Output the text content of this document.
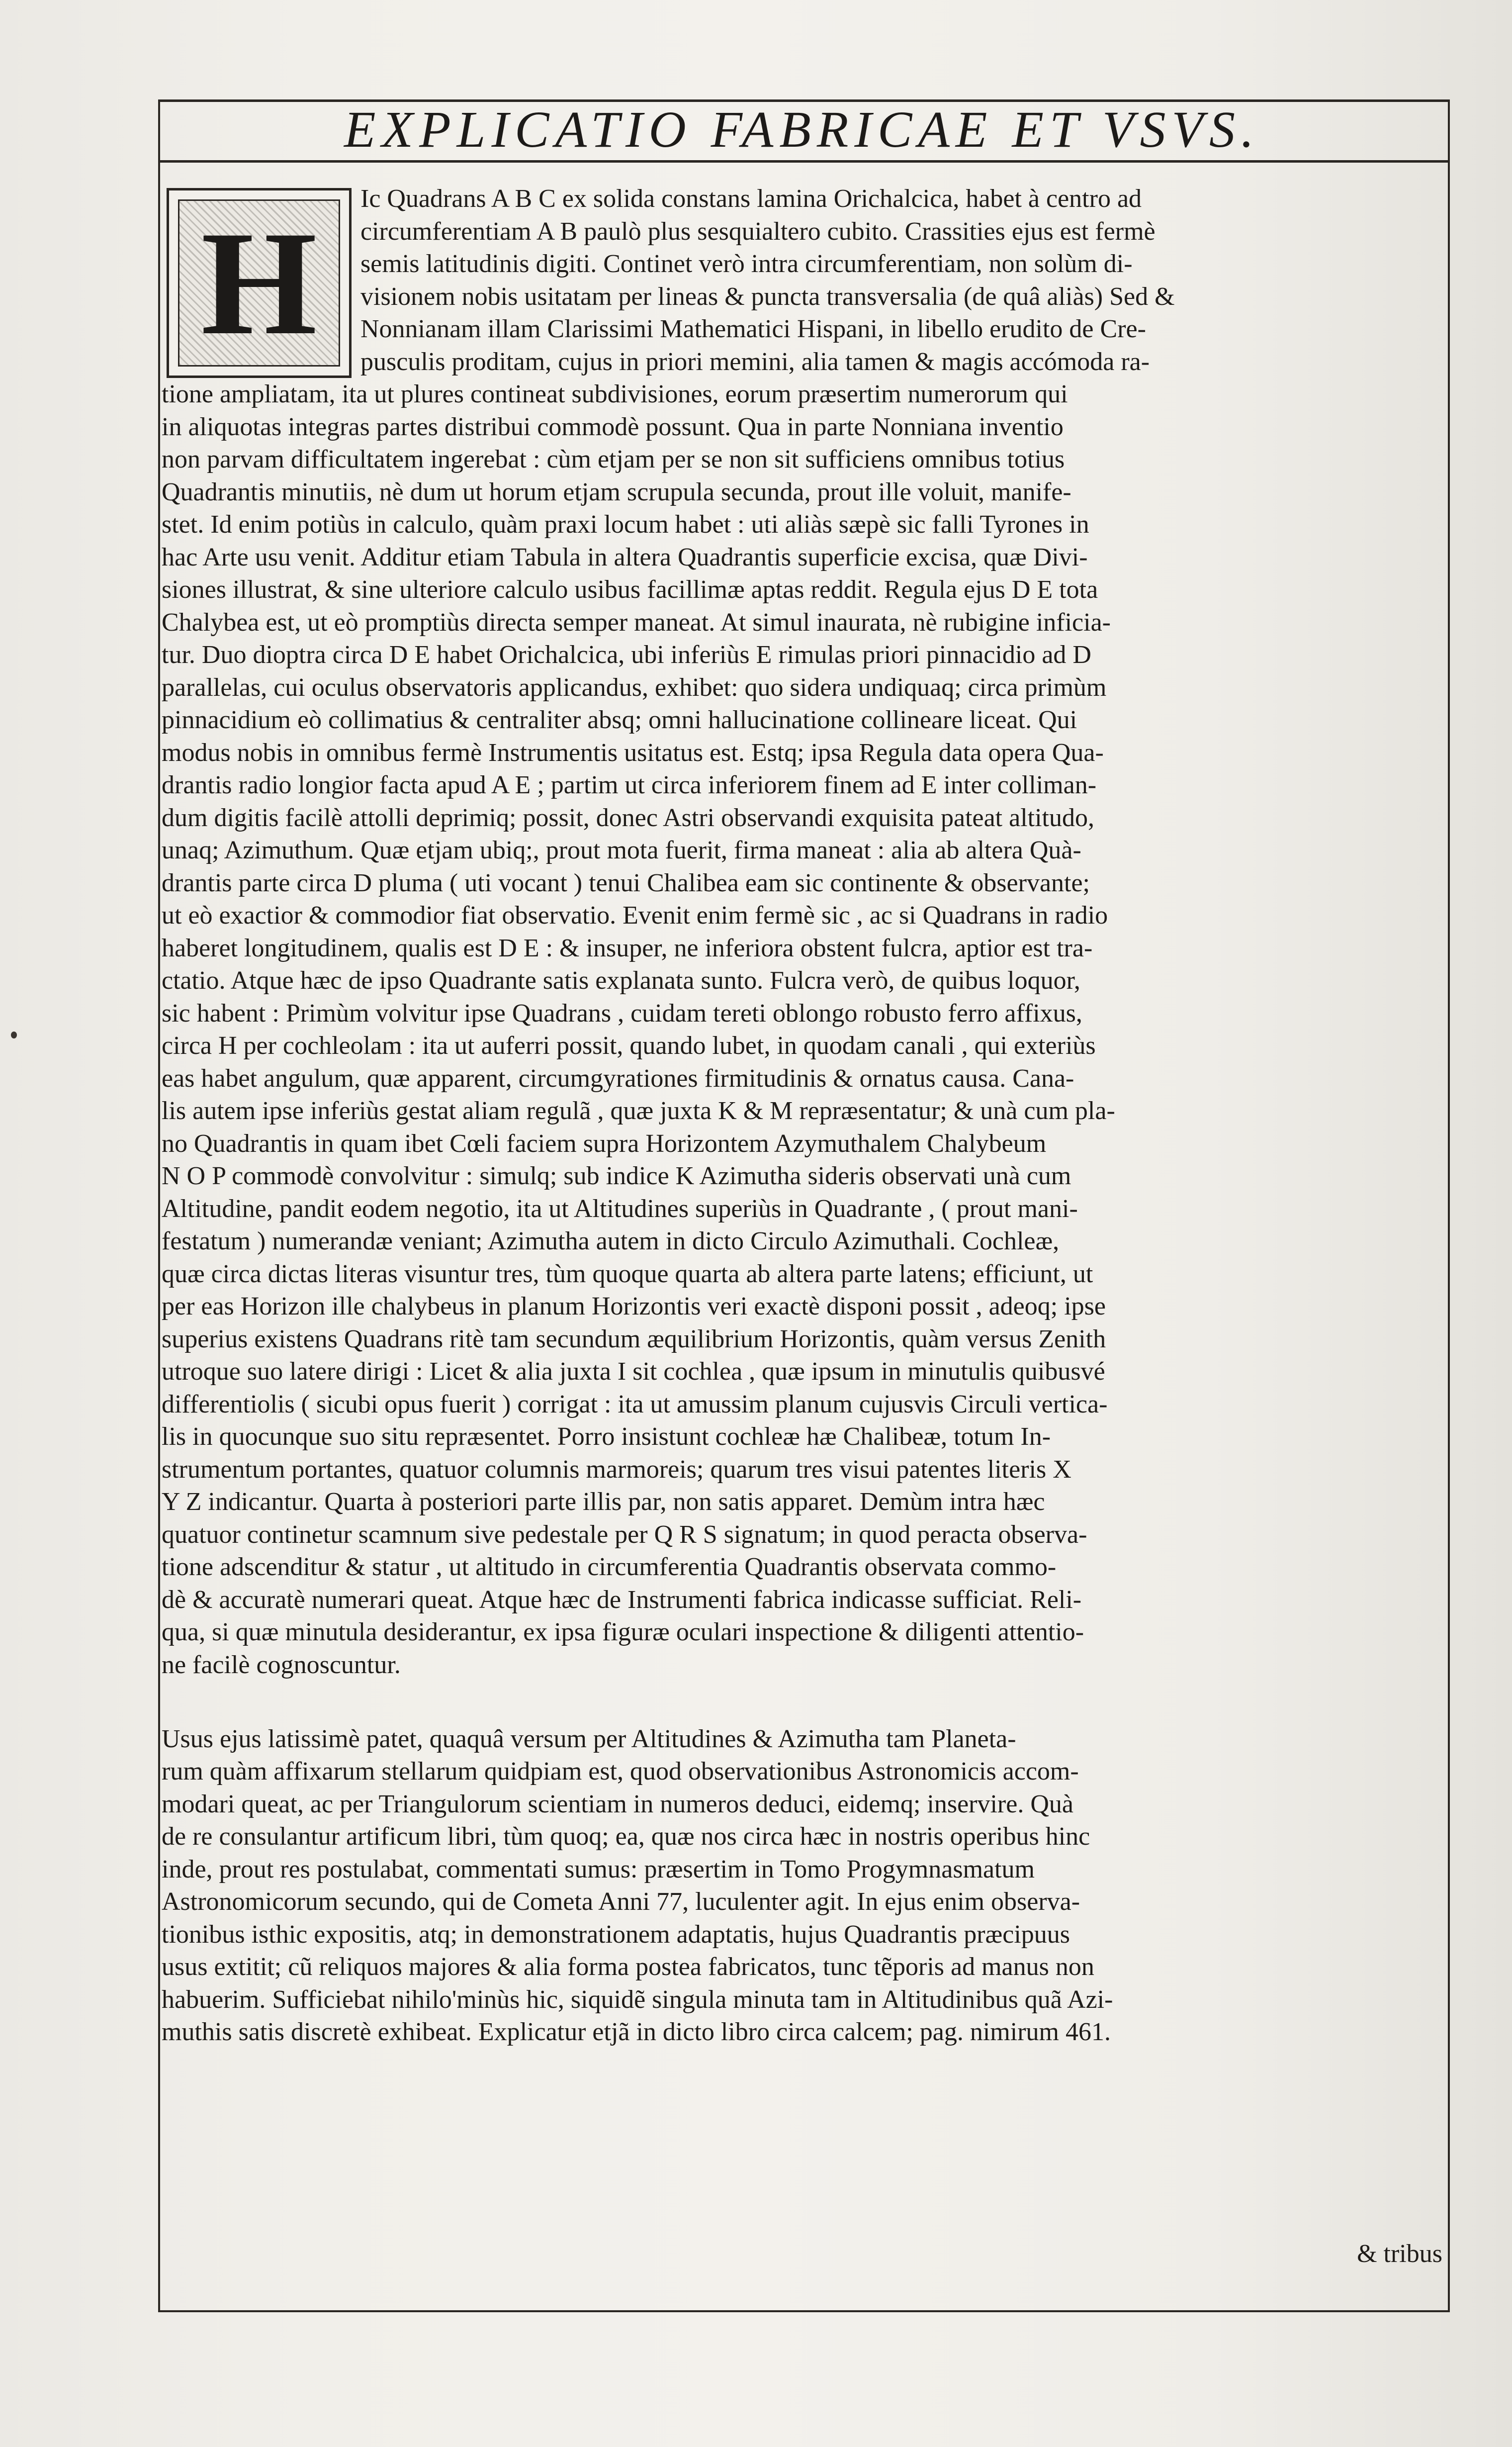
EXPLICATIO FABRICAE ET VSVS.
H
Ic Quadrans A B C ex solida constans lamina Orichalcica, habet à centro ad
circumferentiam A B paulò plus sesquialtero cubito. Crassities ejus est fermè
semis latitudinis digiti. Continet verò intra circumferentiam, non solùm di-
visionem nobis usitatam per lineas & puncta transversalia (de quâ aliàs) Sed &
Nonnianam illam Clarissimi Mathematici Hispani, in libello erudito de Cre-
pusculis proditam, cujus in priori memini, alia tamen & magis accómoda ra-
tione ampliatam, ita ut plures contineat subdivisiones, eorum præsertim numerorum qui
in aliquotas integras partes distribui commodè possunt. Qua in parte Nonniana inventio
non parvam difficultatem ingerebat : cùm etjam per se non sit sufficiens omnibus totius
Quadrantis minutiis, nè dum ut horum etjam scrupula secunda, prout ille voluit, manife-
stet. Id enim potiùs in calculo, quàm praxi locum habet : uti aliàs sæpè sic falli Tyrones in
hac Arte usu venit. Additur etiam Tabula in altera Quadrantis superficie excisa, quæ Divi-
siones illustrat, & sine ulteriore calculo usibus facillimæ aptas reddit. Regula ejus D E tota
Chalybea est, ut eò promptiùs directa semper maneat. At simul inaurata, nè rubigine inficia-
tur. Duo dioptra circa D E habet Orichalcica, ubi inferiùs E rimulas priori pinnacidio ad D
parallelas, cui oculus observatoris applicandus, exhibet: quo sidera undiquaq; circa primùm
pinnacidium eò collimatius & centraliter absq; omni hallucinatione collineare liceat. Qui
modus nobis in omnibus fermè Instrumentis usitatus est. Estq; ipsa Regula data opera Qua-
drantis radio longior facta apud A E ; partim ut circa inferiorem finem ad E inter colliman-
dum digitis facilè attolli deprimiq; possit, donec Astri observandi exquisita pateat altitudo,
unaq; Azimuthum. Quæ etjam ubiq;, prout mota fuerit, firma maneat : alia ab altera Quà-
drantis parte circa D pluma ( uti vocant ) tenui Chalibea eam sic continente & observante;
ut eò exactior & commodior fiat observatio. Evenit enim fermè sic , ac si Quadrans in radio
haberet longitudinem, qualis est D E : & insuper, ne inferiora obstent fulcra, aptior est tra-
ctatio. Atque hæc de ipso Quadrante satis explanata sunto. Fulcra verò, de quibus loquor,
sic habent : Primùm volvitur ipse Quadrans , cuidam tereti oblongo robusto ferro affixus,
circa H per cochleolam : ita ut auferri possit, quando lubet, in quodam canali , qui exteriùs
eas habet angulum, quæ apparent, circumgyrationes firmitudinis & ornatus causa. Cana-
lis autem ipse inferiùs gestat aliam regulã , quæ juxta K & M repræsentatur; & unà cum pla-
no Quadrantis in quam ibet Cœli faciem supra Horizontem Azymuthalem Chalybeum
N O P commodè convolvitur : simulq; sub indice K Azimutha sideris observati unà cum
Altitudine, pandit eodem negotio, ita ut Altitudines superiùs in Quadrante , ( prout mani-
festatum ) numerandæ veniant; Azimutha autem in dicto Circulo Azimuthali. Cochleæ,
quæ circa dictas literas visuntur tres, tùm quoque quarta ab altera parte latens; efficiunt, ut
per eas Horizon ille chalybeus in planum Horizontis veri exactè disponi possit , adeoq; ipse
superius existens Quadrans ritè tam secundum æquilibrium Horizontis, quàm versus Zenith
utroque suo latere dirigi : Licet & alia juxta I sit cochlea , quæ ipsum in minutulis quibusvé
differentiolis ( sicubi opus fuerit ) corrigat : ita ut amussim planum cujusvis Circuli vertica-
lis in quocunque suo situ repræsentet. Porro insistunt cochleæ hæ Chalibeæ, totum In-
strumentum portantes, quatuor columnis marmoreis; quarum tres visui patentes literis X
Y Z indicantur. Quarta à posteriori parte illis par, non satis apparet. Demùm intra hæc
quatuor continetur scamnum sive pedestale per Q R S signatum; in quod peracta observa-
tione adscenditur & statur , ut altitudo in circumferentia Quadrantis observata commo-
dè & accuratè numerari queat. Atque hæc de Instrumenti fabrica indicasse sufficiat. Reli-
qua, si quæ minutula desiderantur, ex ipsa figuræ oculari inspectione & diligenti attentio-
ne facilè cognoscuntur.
Usus ejus latissimè patet, quaquâ versum per Altitudines & Azimutha tam Planeta-
rum quàm affixarum stellarum quidpiam est, quod observationibus Astronomicis accom-
modari queat, ac per Triangulorum scientiam in numeros deduci, eidemq; inservire. Quà
de re consulantur artificum libri, tùm quoq; ea, quæ nos circa hæc in nostris operibus hinc
inde, prout res postulabat, commentati sumus: præsertim in Tomo Progymnasmatum
Astronomicorum secundo, qui de Cometa Anni 77, luculenter agit. In ejus enim observa-
tionibus isthic expositis, atq; in demonstrationem adaptatis, hujus Quadrantis præcipuus
usus extitit; cũ reliquos majores & alia forma postea fabricatos, tunc tẽporis ad manus non
habuerim. Sufficiebat nihilo'minùs hic, siquidẽ singula minuta tam in Altitudinibus quã Azi-
muthis satis discretè exhibeat. Explicatur etjã in dicto libro circa calcem; pag. nimirum 461.
& tribus
